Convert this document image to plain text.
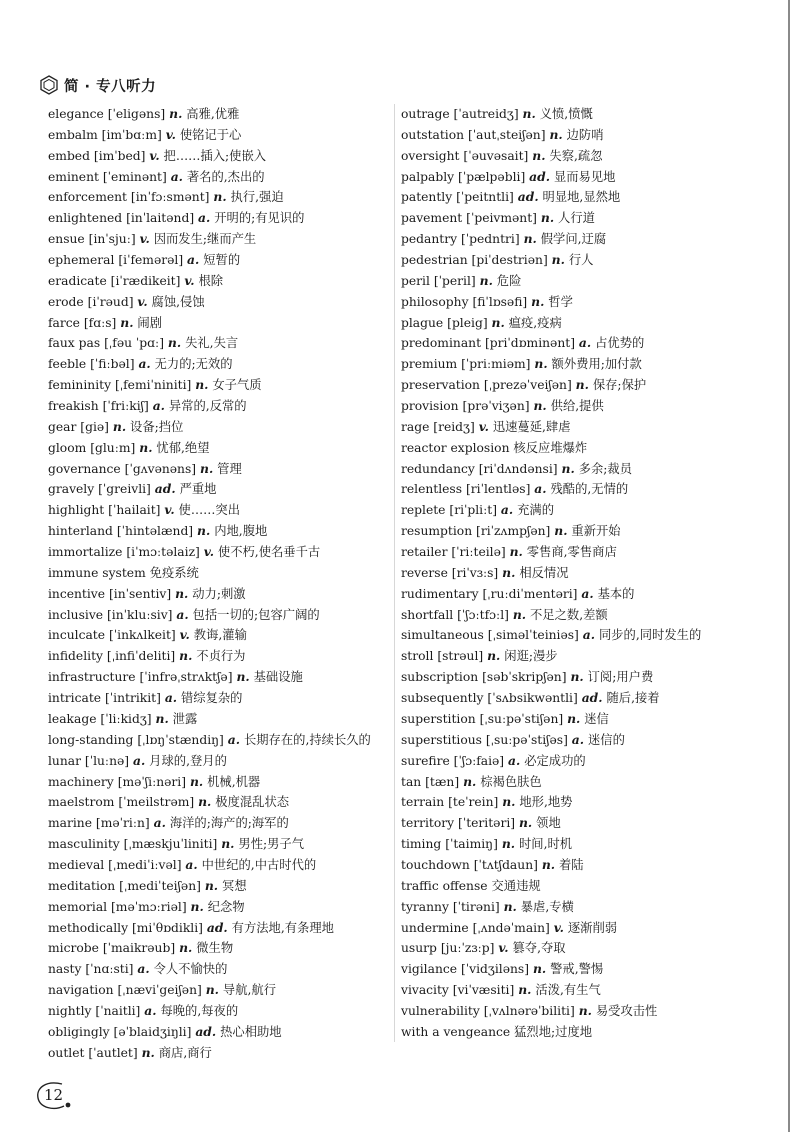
简 · 专八听力
elegance [ˈeligəns] n. 高雅,优雅
embalm [imˈbɑːm] v. 使铭记于心
embed [imˈbed] v. 把……插入;使嵌入
eminent [ˈeminənt] a. 著名的,杰出的
enforcement [inˈfɔːsmənt] n. 执行,强迫
enlightened [inˈlaitənd] a. 开明的;有见识的
ensue [inˈsjuː] v. 因而发生;继而产生
ephemeral [iˈfemərəl] a. 短暂的
eradicate [iˈrædikeit] v. 根除
erode [iˈrəud] v. 腐蚀,侵蚀
farce [fɑːs] n. 闹剧
faux pas [ˌfəu ˈpɑː] n. 失礼,失言
feeble [ˈfiːbəl] a. 无力的;无效的
femininity [ˌfemiˈniniti] n. 女子气质
freakish [ˈfriːkiʃ] a. 异常的,反常的
gear [giə] n. 设备;挡位
gloom [gluːm] n. 忧郁,绝望
governance [ˈgʌvənəns] n. 管理
gravely [ˈgreivli] ad. 严重地
highlight [ˈhailait] v. 使……突出
hinterland [ˈhintəlænd] n. 内地,腹地
immortalize [iˈmɔːtəlaiz] v. 使不朽,使名垂千古
immune system 免疫系统
incentive [inˈsentiv] n. 动力;刺激
inclusive [inˈkluːsiv] a. 包括一切的;包容广阔的
inculcate [ˈinkʌlkeit] v. 教诲,灌输
infidelity [ˌinfiˈdeliti] n. 不贞行为
infrastructure [ˈinfrəˌstrʌktʃə] n. 基础设施
intricate [ˈintrikit] a. 错综复杂的
leakage [ˈliːkidʒ] n. 泄露
long-standing [ˌlɒŋˈstændiŋ] a. 长期存在的,持续长久的
lunar [ˈluːnə] a. 月球的,登月的
machinery [məˈʃiːnəri] n. 机械,机器
maelstrom [ˈmeilstrəm] n. 极度混乱状态
marine [məˈriːn] a. 海洋的;海产的;海军的
masculinity [ˌmæskjuˈliniti] n. 男性;男子气
medieval [ˌmediˈiːvəl] a. 中世纪的,中古时代的
meditation [ˌmediˈteiʃən] n. 冥想
memorial [məˈmɔːriəl] n. 纪念物
methodically [miˈθɒdikli] ad. 有方法地,有条理地
microbe [ˈmaikrəub] n. 微生物
nasty [ˈnɑːsti] a. 令人不愉快的
navigation [ˌnæviˈgeiʃən] n. 导航,航行
nightly [ˈnaitli] a. 每晚的,每夜的
obligingly [əˈblaidʒiŋli] ad. 热心相助地
outlet [ˈautlet] n. 商店,商行
outrage [ˈautreidʒ] n. 义愤,愤慨
outstation [ˈautˌsteiʃən] n. 边防哨
oversight [ˈəuvəsait] n. 失察,疏忽
palpably [ˈpælpəbli] ad. 显而易见地
patently [ˈpeitntli] ad. 明显地,显然地
pavement [ˈpeivmənt] n. 人行道
pedantry [ˈpedntri] n. 假学问,迂腐
pedestrian [piˈdestriən] n. 行人
peril [ˈperil] n. 危险
philosophy [fiˈlɒsəfi] n. 哲学
plague [pleig] n. 瘟疫,疫病
predominant [priˈdɒminənt] a. 占优势的
premium [ˈpriːmiəm] n. 额外费用;加付款
preservation [ˌprezəˈveiʃən] n. 保存;保护
provision [prəˈviʒən] n. 供给,提供
rage [reidʒ] v. 迅速蔓延,肆虐
reactor explosion 核反应堆爆炸
redundancy [riˈdʌndənsi] n. 多余;裁员
relentless [riˈlentləs] a. 残酷的,无情的
replete [riˈpliːt] a. 充满的
resumption [riˈzʌmpʃən] n. 重新开始
retailer [ˈriːteilə] n. 零售商,零售商店
reverse [riˈvɜːs] n. 相反情况
rudimentary [ˌruːdiˈmentəri] a. 基本的
shortfall [ˈʃɔːtfɔːl] n. 不足之数,差额
simultaneous [ˌsiməlˈteiniəs] a. 同步的,同时发生的
stroll [strəul] n. 闲逛;漫步
subscription [səbˈskripʃən] n. 订阅;用户费
subsequently [ˈsʌbsikwəntli] ad. 随后,接着
superstition [ˌsuːpəˈstiʃən] n. 迷信
superstitious [ˌsuːpəˈstiʃəs] a. 迷信的
surefire [ˈʃɔːfaiə] a. 必定成功的
tan [tæn] n. 棕褐色肤色
terrain [teˈrein] n. 地形,地势
territory [ˈteritəri] n. 领地
timing [ˈtaimiŋ] n. 时间,时机
touchdown [ˈtʌtʃdaun] n. 着陆
traffic offense 交通违规
tyranny [ˈtirəni] n. 暴虐,专横
undermine [ˌʌndəˈmain] v. 逐渐削弱
usurp [juːˈzɜːp] v. 篡夺,夺取
vigilance [ˈvidʒiləns] n. 警戒,警惕
vivacity [viˈvæsiti] n. 活泼,有生气
vulnerability [ˌvʌlnərəˈbiliti] n. 易受攻击性
with a vengeance 猛烈地;过度地
12
